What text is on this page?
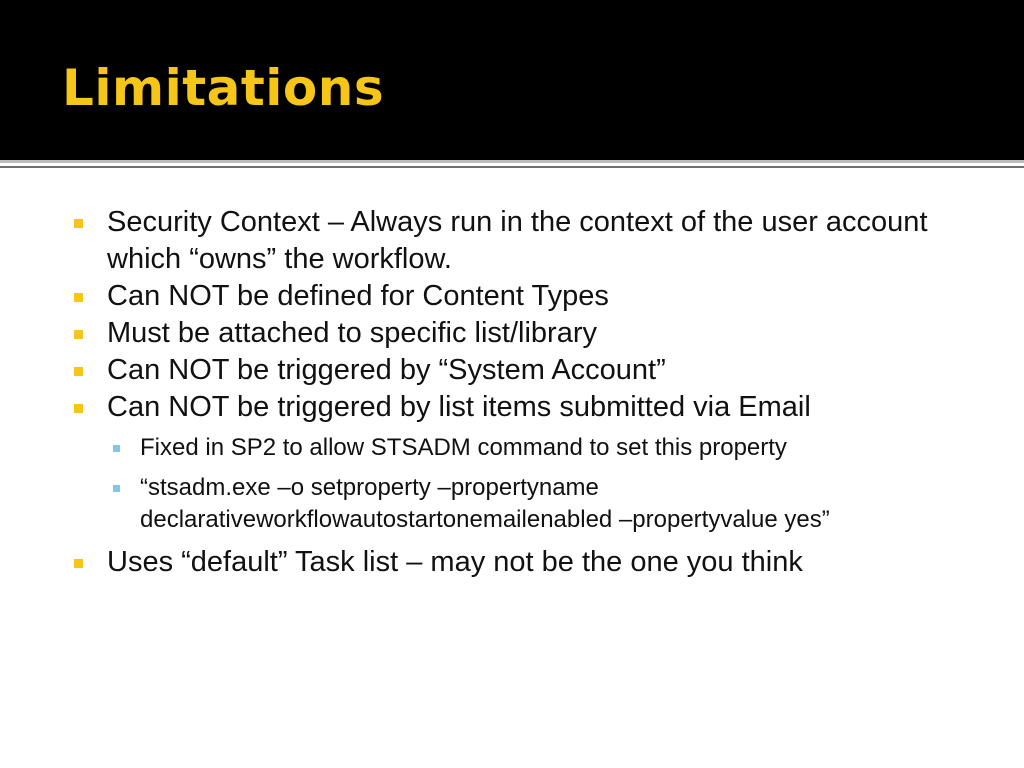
Limitations
Security Context – Always run in the context of the user account which “owns” the workflow.
Can NOT be defined for Content Types
Must be attached to specific list/library
Can NOT be triggered by “System Account”
Can NOT be triggered by list items submitted via Email
Fixed in SP2 to allow STSADM command to set this property
“stsadm.exe –o setproperty –propertyname declarativeworkflowautostartonemailenabled –propertyvalue yes”
Uses “default” Task list – may not be the one you think
